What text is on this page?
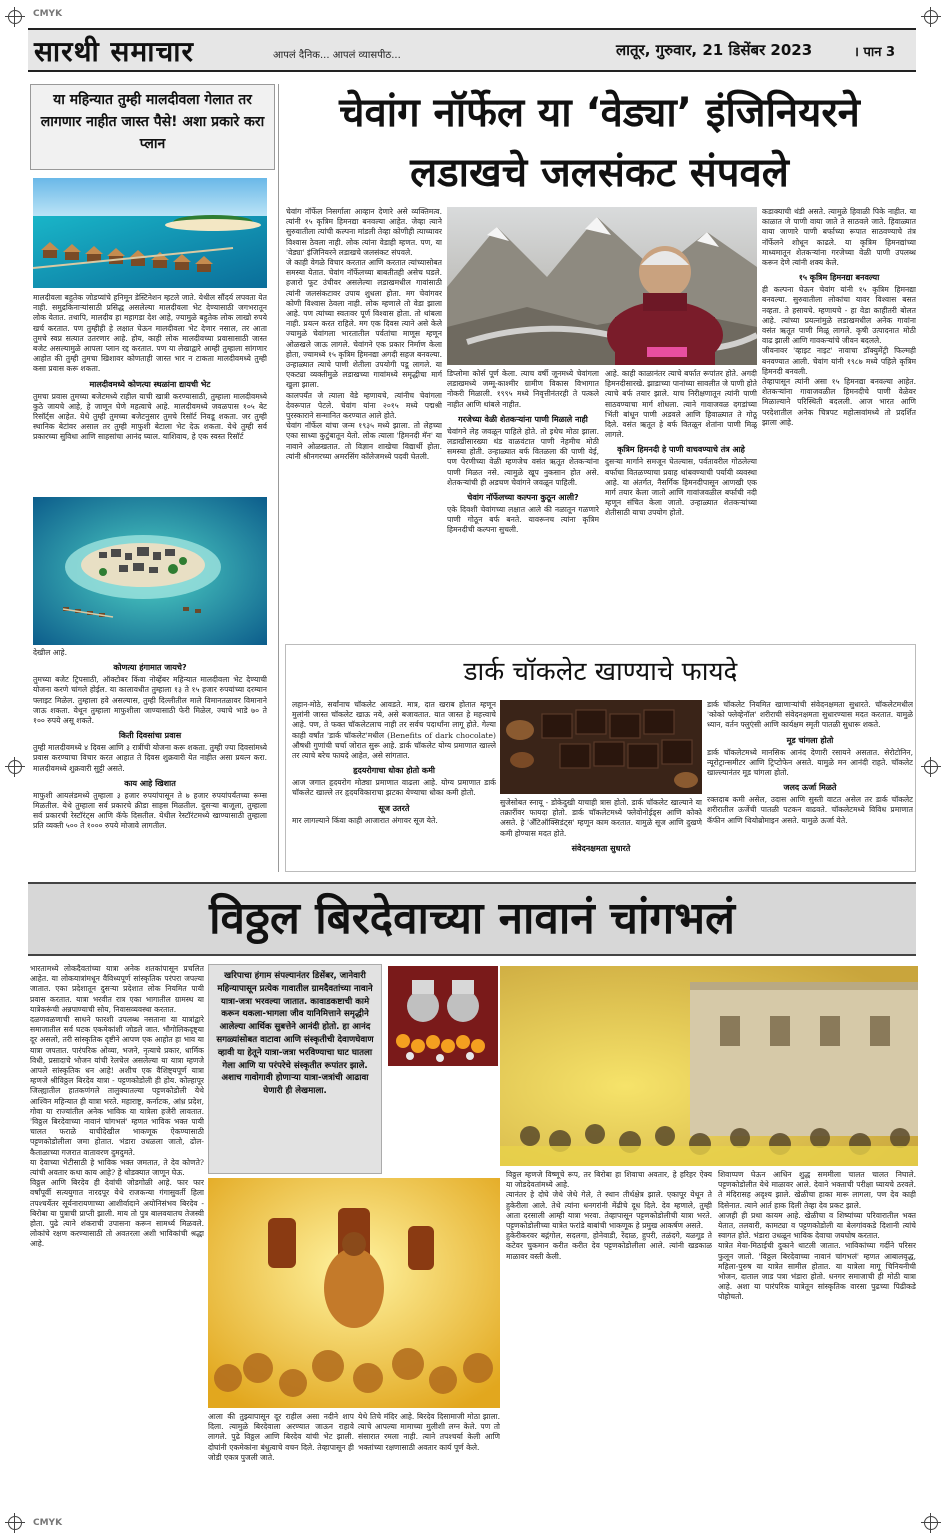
CMYK
CMYK
सारथी समाचार	आपलं दैनिक... आपलं व्यासपीठ...	लातूर, गुरुवार, 21 डिसेंबर 2023	। पान 3
या महिन्यात तुम्ही मालदीवला गेलात तर लागणार नाहीत जास्त पैसे! अशा प्रकारे करा प्लान

मालदीवला बहुतेक जोडप्यांचे हनिमून डेस्टिनेशन म्हटले जाते. येथील सौंदर्य लपवता येत नाही. समुद्रकिनाऱ्यांसाठी प्रसिद्ध असलेल्या मालदीवला भेट देण्यासाठी जगभरातून लोक येतात. तथापि, मालदीव हा महागडा देश आहे, ज्यामुळे बहुतेक लोक लाखो रुपये खर्च करतात. पण तुम्हीही हे लक्षात घेऊन मालदीवला भेट देणार नसाल, तर आता तुमचे स्वप्न सत्यात उतरणार आहे. होय, काही लोक मालदीवच्या प्रवासासाठी जास्त बजेट असल्यामुळे आपला प्लान रद्द करतात. पण या लेखाद्वारे आम्ही तुम्हाला सांगणार आहोत की तुम्ही तुमचा खिशावर कोणताही जास्त भार न टाकता मालदीवमध्ये तुम्ही कसा प्रवास करू शकता.

मालदीवमध्ये कोणत्या स्थळांना द्यायची भेट

तुमचा प्रवास तुमच्या बजेटमध्ये राहील याची खात्री करण्यासाठी, तुम्हाला मालदीवमध्ये कुठे जायचे आहे, हे जाणून घेणे महत्वाचे आहे. मालदीवमध्ये जवळपास १०५ बेट रिसॉर्ट्स आहेत. येथे तुम्ही तुमच्या बजेटनुसार तुमचे रिसॉर्ट निवडू शकता. जर तुम्ही स्थानिक बेटांवर असाल तर तुम्ही माफुशी बेटाला भेट देऊ शकता. येथे तुम्ही सर्व प्रकारच्या सुविधा आणि साहसांचा आनंद घ्याल. याशिवाय, हे एक स्वस्त रिसॉर्ट

देखील आहे.

कोणत्या हंगामात जायचे?

तुमच्या बजेट ट्रिपसाठी, ऑक्टोबर किंवा नोव्हेंबर महिन्यात मालदीवला भेट देण्याची योजना करणे चांगले होईल. या कालावधीत तुम्हाला १३ ते १५ हजार रुपयांच्या दरम्यान फ्लाइट मिळेल. तुम्हाला हवे असल्यास, तुम्ही दिल्लीतील माले विमानतळावर विमानाने जाऊ शकता. येथून तुम्हाला माफुशीला जाण्यासाठी फेरी मिळेल, ज्याचे भाडे ७० ते १०० रुपये असू शकते.

किती दिवसांचा प्रवास

तुम्ही मालदीवमध्ये ४ दिवस आणि ३ रात्रींची योजना करू शकता. तुम्ही ज्या दिवसांमध्ये प्रवास करण्याचा विचार करत आहात ते दिवस शुक्रवारी येत नाहीत असा प्रयत्न करा. मालदीवमध्ये शुक्रवारी सुट्टी असते.

काय आहे खिशात

माफुशी आयलंडमध्ये तुम्हाला ३ हजार रुपयांपासून ते ७ हजार रुपयांपर्यंतच्या रूम्स मिळतील. येथे तुम्हाला सर्व प्रकारचे क्रीडा साहस मिळतील. दुसऱ्या बाजूला, तुम्हाला सर्व प्रकारची रेस्टॉरंट्स आणि कॅफे दिसतील. येथील रेस्टॉरंटमध्ये खाण्यासाठी तुम्हाला प्रति व्यक्ती ५०० ते १००० रुपये मोजावे लागतील.

चेवांग नॉर्फेल या ‘वेड्या’ इंजिनियरने
लडाखचे जलसंकट संपवले

चेवांग नॉर्फेल निसर्गाला आव्हान देणारे असे व्यक्तिमत्व. त्यांनी १५ कृत्रिम हिमनद्या बनवल्या आहेत. जेव्हा त्याने सुरुवातीला त्यांची कल्पना मांडली तेव्हा कोणीही त्याच्यावर विश्वास ठेवला नाही. लोक त्यांना वेडाही म्हणत. पण, या 'वेड्या' इंजिनियरने लडाखचे जलसंकट संपवले.
जे काही वेगळे विचार करतात आणि करतात त्यांच्यासोबत समस्या येतात. चेवांग नॉर्फेलच्या बाबतीतही असेच घडले. हजारो फूट उंचीवर असलेल्या लडाखमधील गावांसाठी त्यांनी जलसंकटावर उपाय शुधला होता. मग चेवांगवर कोणी विश्वास ठेवला नाही. लोक म्हणाले तो वेडा झाला आहे. पण त्यांच्या स्वतःवर पूर्ण विश्वास होता. तो थांबला नाही. प्रयत्न करत राहिले. मग एक दिवस त्याने असे केले ज्यामुळे चेवांगला भारतातील पर्वतांचा माणूस म्हणून ओळखले जाऊ लागले. चेवांगने एक प्रकार निर्माण केला होता, ज्यामध्ये १५ कृत्रिम हिमनद्या अगदी सहज बनवल्या. उन्हाळ्यात त्याचे पाणी शेतीला उपयोगी पडू लागले. या एकट्या व्यक्तीमुळे लडाखच्या गावांमध्ये समृद्धीचा मार्ग खुला झाला.
कालपर्यंत जे त्याला वेडे म्हणायचे, त्यांनीच चेवांगला देवरूपात पेटले. चेवांग यांना २०१५ मध्ये पद्मश्री पुरस्काराने सन्मानित करण्यात आले होते.
चेवांग नॉर्फेल यांचा जन्म १९३५ मध्ये झाला. तो लेहच्या एका साध्या कुटुंबातून येतो. लोक त्याला 'हिमनदी मॅन' या नावाने ओळखतात. तो विज्ञान शाखेचा विद्यार्थी होता. त्यांनी श्रीनगरच्या अमरसिंग कॉलेजमध्ये पदवी घेतली.

डिप्लोमा कोर्स पूर्ण केला. त्याच वर्षी जूनमध्ये चेवांगला लडाखमध्ये जम्मू-काश्मीर ग्रामीण विकास विभागात नोकरी मिळाली. १९९५ मध्ये निवृत्तीनंतरही ते पत्कले नाहीत आणि थांबले नाहीत.

गरजेच्या वेळी शेतकऱ्यांना पाणी मिळाले नाही

चेवांगने लेह जवळून पाहिले होते. तो इथेच मोठा झाला. लडाखीसारख्या थंड वाळवंटात पाणी नेहमीच मोठी समस्या होती. उन्हाळ्यात बर्फ वितळला की पाणी येई, पण पेरणीच्या वेळी म्हणजेच वसंत ऋतूत शेतकऱ्यांना पाणी मिळत नसे. त्यामुळे खूप नुकसान होत असे. शेतकऱ्यांची ही अडचण चेवांगने जवळून पाहिली.

चेवांग नॉर्फेलच्या कल्पना कुठून आली?

एके दिवशी चेवांगच्या लक्षात आले की नळातून गळणारे पाणी गोठून बर्फ बनते. यावरूनच त्यांना कृत्रिम हिमनदीची कल्पना सुचली.

आहे. काही काळानंतर त्याचे बर्फात रूपांतर होते. अगदी हिमनदीसारखे. झाडाच्या पानांच्या सावलीत जे पाणी होते त्याचे बर्फ तयार झाले. याच निरीक्षणातून त्यांनी पाणी साठवण्याचा मार्ग शोधला. त्याने गावाजवळ दगडांच्या भिंती बांधून पाणी अडवले आणि हिवाळ्यात ते गोठू दिले. वसंत ऋतूत हे बर्फ वितळून शेतांना पाणी मिळू लागले.

कृत्रिम हिमनदी हे पाणी वाचवण्याचे तंत्र आहे

दुसऱ्या मार्गाने समजून घेतल्यास, पर्वतावरील गोठलेल्या बर्फाचा वितळण्याचा प्रवाह थांबवण्याची पर्यायी व्यवस्था आहे. या अंतर्गत, नैसर्गिक हिमनदीपासून आणखी एक मार्ग तयार केला जातो आणि गावांजवळील बर्फाची नदी म्हणून संचित केला जातो. उन्हाळ्यात शेतकऱ्यांच्या शेतीसाठी याचा उपयोग होतो.

कडाक्याची थंडी असते. त्यामुळे हिवाळी पिके नाहीत. या काळात जे पाणी वाया जाते ते साठवले जाते. हिवाळ्यात वाया जाणारे पाणी बर्फाच्या रूपात साठवण्याचे तंत्र नॉर्फेलने शोधून काढले. या कृत्रिम हिमनद्यांच्या माध्यमातून शेतकऱ्यांना गरजेच्या वेळी पाणी उपलब्ध करून देणे त्यांनी शक्य केले.

१५ कृत्रिम हिमनद्या बनवल्या

ही कल्पना घेऊन चेवांग यांनी १५ कृत्रिम हिमनद्या बनवल्या. सुरुवातीला लोकांचा यावर विश्वास बसत नव्हता. ते हसायचे. म्हणायचे - हा वेडा काहीतरी बोलत आहे. त्यांच्या प्रयत्नांमुळे लडाखमधील अनेक गावांना वसंत ऋतूत पाणी मिळू लागले. कृषी उत्पादनात मोठी वाढ झाली आणि गावकऱ्यांचे जीवन बदलले.
जीवनावर 'व्हाइट नाइट' नावाचा डॉक्युमेंट्री फिल्मही बनवण्यात आली. चेवांग यांनी १९८७ मध्ये पहिले कृत्रिम हिमनदी बनवली.
तेव्हापासून त्यांनी असा १५ हिमनद्या बनवल्या आहेत. शेतकऱ्यांना गावाजवळील हिमनदीचे पाणी वेळेवर मिळाल्याने परिस्थिती बदलली. आज भारत आणि परदेशातील अनेक चित्रपट महोत्सवांमध्ये तो प्रदर्शित झाला आहे.

डार्क चॉकलेट खाण्याचे फायदे

लहान-मोठे, सर्वांनाच चॉकलेट आवडते. मात्र, दात खराब होतात म्हणून मुलांनी जास्त चॉकलेट खाऊ नये, असे बजावतात. यात जास्त हे महत्त्वाचे आहे. पण, ते फक्त चॉकलेटलाच नाही तर सर्वच पदार्थांना लागू होते. गेल्या काही वर्षांत 'डार्क चॉकलेट'मधील (Benefits of dark chocolate) औषधी गुणांची चर्चा जोरात सुरू आहे. डार्क चॉकलेट योग्य प्रमाणात खाल्ले तर त्याचे बरेच फायदे आहेत, असे सांगतात.

हृदयरोगाचा धोका होतो कमी

आज जगात हृदयरोग मोठ्या प्रमाणात वाढला आहे. योग्य प्रमाणात डार्क चॉकलेट खाल्ले तर हृदयविकाराचा झटका येण्याचा धोका कमी होतो.

सूज उतरते

मार लागल्याने किंवा काही आजारात अंगावर सूज येते.

सुजेसोबत स्नायू - डोकेदुखी याचाही त्रास होतो. डार्क चॉकलेट खाल्याने या तक्रारींवर फायदा होतो. डार्क चॉकलेटमध्ये फ्लेवोनोईड्स आणि कोको असते. हे 'अँटिऑक्सिडंट्स' म्हणून काम करतात. यामुळे सूज आणि दुखणे कमी होण्यास मदत होते.

संवेदनक्षमता सुधारते

डार्क चॉकलेट नियमित खाणाऱ्यांची संवेदनक्षमता सुधारते. चॉकलेटमधील 'कोको फ्लेव्हेनॉल' शरीराची संवेदनक्षमता सुधारण्यास मदत करतात. यामुळे ध्यान, वर्तन फ्लुएंसी आणि कार्यक्षम स्मृती पातळी सुधारू शकते.

मूड चांगला होतो

डार्क चॉकलेटमध्ये मानसिक आनंद देणारी रसायने असतात. सेरोटोनिन, न्यूरोट्रान्समीटर आणि ट्रिप्टोफेन असते. यामुळे मन आनंदी राहते. चॉकलेट खाल्ल्यानंतर मूड चांगला होतो.

जलद ऊर्जा मिळते

रक्तदाब कमी असेल, उदास आणि सुस्ती वाटत असेल तर डार्क चॉकलेट शरीरातील ऊर्जेची पातळी पटकन वाढवते. चॉकलेटमध्ये विविध प्रमाणात कॅफीन आणि थियोब्रोमाइन असते. यामुळे ऊर्जा येते.

विठ्ठल बिरदेवाच्या नावानं चांगभलं

भारतामध्ये लोकदैवतांच्या यात्रा अनेक शतकांपासून प्रचलित आहेत. या लोकयात्रांमधून वैविध्यपूर्ण सांस्कृतिक परंपरा जपल्या जातात. एका प्रदेशातून दुसऱ्या प्रदेशात लोक नियमित पायी प्रवास करतात. यात्रा भरवीत रात्र एका भागातील ग्रामस्थ या यात्रेकरूंची अन्नपाण्याची सोय, निवासव्यवस्था करतात.
दळणवळणाची साधने फारशी उपलब्ध नसताना या यात्रांद्वारे समाजातील सर्व घटक एकमेकांशी जोडले जात. भौगोलिकदृष्ट्या दूर असलो, तरी सांस्कृतिक दृष्टीने आपण एक आहोत हा भाव या यात्रा जपतात. पारंपरिक ओव्या, भजने, नृत्याचे प्रकार, धार्मिक विधी, प्रसादाचे भोजन यांची रेलचेल असलेल्या या यात्रा म्हणजे आपले सांस्कृतिक धन आहे! अशीच एक वैशिष्ट्यपूर्ण यात्रा म्हणजे श्रीविठ्ठल बिरदेव यात्रा - पट्टणकोडोली ही होय. कोल्हापूर जिल्ह्यातील हातकणंगले तालुक्यातल्या पट्टणकोडोली येथे आश्विन महिन्यात ही यात्रा भरते. महाराष्ट्र, कर्नाटक, आंध्र प्रदेश, गोवा या राज्यांतील अनेक भाविक या यात्रेला हजेरी लावतात. 'विठ्ठल बिरदेवाच्या नावानं चांगभलं' म्हणत भाविक भक्त पायी चालत फराळे याचीदेखील भाकणूक ऐकण्यासाठी पट्टणकोडोलीला जमा होतात. भंडारा उधळला जातो, ढोल-कैताळाच्या गजरात वातावरण दुमदुमते.
या देवाच्या भेटीसाठी हे भाविक भक्त जमतात, ते देव कोणते? त्यांची अवतार कथा काय आहे? हे थोडक्यात जाणून घेऊ.
विठ्ठल आणि बिरदेव ही देवांची जोडगोळी आहे. फार फार वर्षांपूर्वी सत्ययुगात नारदपूर येथे राजकन्या गंगासुवर्ती हिला तपश्चर्येतर सूर्यनारायणाच्या आशीर्वादाने अयोनिसंभव बिरदेव - बिरोबा या पुत्राची प्राप्ती झाली. माय तो पुत्र बालवयातच तेजस्वी होता. पुढे त्याने शंकराची उपासना करून सामर्थ्य मिळवले. लोकांचे रक्षण करण्यासाठी तो अवतरला अशी भाविकांची श्रद्धा आहे.

खरिपाचा हंगाम संपल्यानंतर डिसेंबर, जानेवारी महिन्यापासून प्रत्येक गावातील ग्रामदैवतांच्या नावाने यात्रा-जत्रा भरवल्या जातात. कावाडकष्टाची कामे करून थकला-भागला जीव यानिमित्ताने समृद्धीने आलेल्या आर्थिक सुबत्तेने आनंदी होतो. हा आनंद सगळ्यांसोबत वाटावा आणि संस्कृतीची देवाणघेवाण व्हावी या हेतूने यात्रा-जत्रा भरविण्याचा घाट घातला गेला आणि या परंपरेचे संस्कृतीत रूपांतर झाले. अशाच गावोगावी होणाऱ्या यात्रा-जत्रांची आढावा घेणारी ही लेखमाला.

आला की तुझ्यापासून दूर राहील असा नदीने शाप दिला. त्यामुळे बिरदेवाला अरण्यात जाऊन राहावे लागले. पुढे विठ्ठल आणि बिरदेव यांची भेट झाली. दोघांनी एकमेकांना बंधुत्वाचे वचन दिले. तेव्हापासून ही जोडी एकत्र पुजली जाते.

येथे तिचे मंदिर आहे. बिरदेव दिसामाजी मोठा झाला. त्याचे आपल्या मामाच्या मुलीशी लग्न केले. पण तो संसारात रमला नाही. त्याने तपश्चर्या केली आणि भक्तांच्या रक्षणासाठी अवतार कार्य पूर्ण केले.

विठ्ठल म्हणजे विष्णूचे रूप, तर बिरोबा हा शिवाचा अवतार, हे हरिहर ऐक्य या जोडदेवतांमध्ये आहे.
त्यानंतर हे दोघे जेथे जेथे गेले, ते स्थान तीर्थक्षेत्र झाले. एकापूर येथून ते हुकेरीला आले. तेथे त्यांना धनगरांनी मेंढीचे दूध दिले. देव म्हणाले, तुम्ही आता दरसाली आम्ही यात्रा भरवा. तेव्हापासून पट्टणकोडोलीची यात्रा भरते. पट्टणकोडोलीच्या यात्रेत फरांडे बाबांची भाकणूक हे प्रमुख आकर्षण असते.
हुकेरीकरवर बद्गंगोल, सदलगा, होनेवाडी, रेंदाळ, हुपरी, तळंदगे, यळगूड ते कटेवर चुकमान करीत करीत देव पट्टणकोडोलीला आले. त्यांनी खडकाळ माळावर वस्ती केली.

शिवाप्पण घेऊन आधिन शुद्ध सममीला चालत चालत निघाले. पट्टणकोडोलीत येथे माळावर आले. देवाने भक्ताची परीक्षा घ्यायचे ठरवले. ते मंदिरासह अदृश्य झाले. खेळीचा हाका मारू लागला, पण देव काही दिसेनात. त्याने आर्त हाक दिली तेव्हा देव प्रकट झाले.
आजही ही प्रथा कायम आहे. खेळीचा व शिष्यांच्या परिवारातील भक्त येतात, तलवारी, कामट्या व पट्टणकोडोली या बेलगांवकडे दिशानी त्यांचे स्वागत होते. भंडारा उधळून भाविक देवाचा जयघोष करतात.
यात्रेत मेवा-मिठाईची दुकाने थाटली जातात. भाविकांच्या गर्दीने परिसर फुलून जातो. 'विठ्ठल बिरदेवाच्या नावानं चांगभलं' म्हणत आबालवृद्ध, महिला-पुरुष या यात्रेत सामील होतात. या यात्रेला मागू चिनियनीची भोजन, दाताल जाड पत्रा भंडारा होतो. धनगर समाजाची ही मोठी यात्रा आहे. अशा या पारंपरिक यात्रेतून सांस्कृतिक वारसा पुढच्या पिढीकडे पोहोचतो.
